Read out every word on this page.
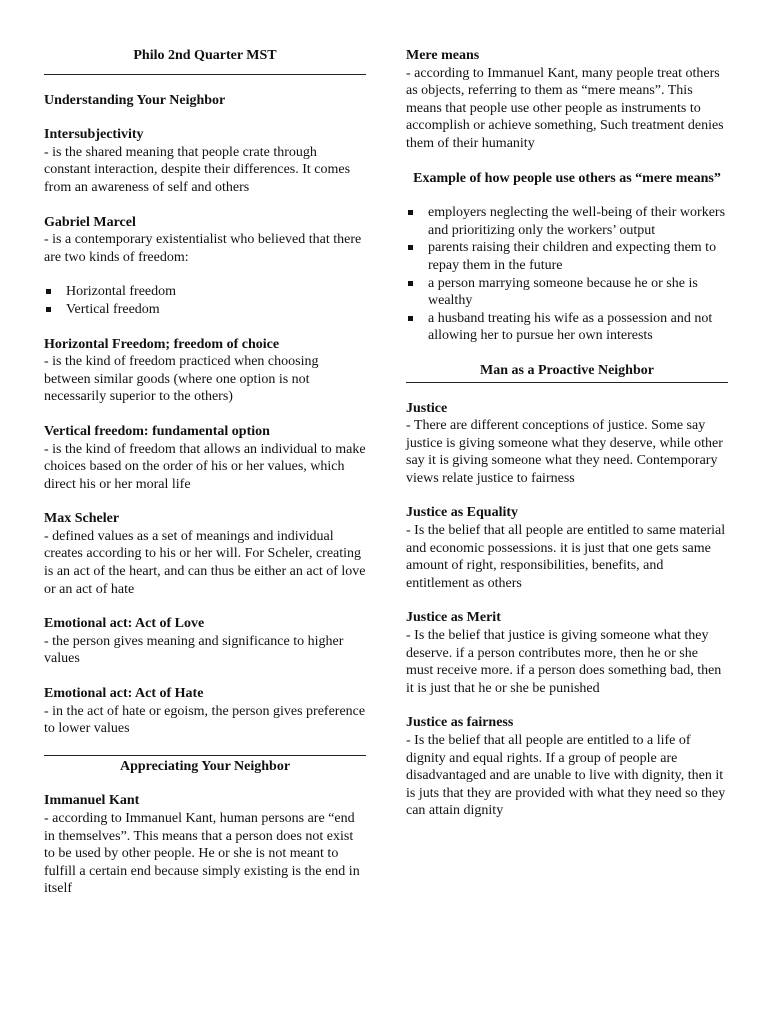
Philo 2nd Quarter MST
Understanding Your Neighbor
Intersubjectivity

- is the shared meaning that people crate through constant interaction, despite their differences. It comes from an awareness of self and others

Gabriel Marcel

- is a contemporary existentialist who believed that there are two kinds of freedom:

Horizontal freedom
Vertical freedom
Horizontal Freedom; freedom of choice

- is the kind of freedom practiced when choosing between similar goods (where one option is not necessarily superior to the others)

Vertical freedom: fundamental option

- is the kind of freedom that allows an individual to make choices based on the order of his or her values, which direct his or her moral life

Max Scheler

- defined values as a set of meanings and individual creates according to his or her will. For Scheler, creating is an act of the heart, and can thus be either an act of love or an act of hate

Emotional act: Act of Love

- the person gives meaning and significance to higher values

Emotional act: Act of Hate

- in the act of hate or egoism, the person gives preference to lower values

Appreciating Your Neighbor
Immanuel Kant

- according to Immanuel Kant, human persons are “end in themselves”. This means that a person does not exist to be used by other people. He or she is not meant to fulfill a certain end because simply existing is the end in itself

Mere means

- according to Immanuel Kant, many people treat others as objects, referring to them as “mere means”. This means that people use other people as instruments to accomplish or achieve something, Such treatment denies them of their humanity

Example of how people use others as “mere means”
employers neglecting the well-being of their workers and prioritizing only the workers’ output
parents raising their children and expecting them to repay them in the future
a person marrying someone because he or she is wealthy
a husband treating his wife as a possession and not allowing her to pursue her own interests
Man as a Proactive Neighbor
Justice

- There are different conceptions of justice. Some say justice is giving someone what they deserve, while other say it is giving someone what they need. Contemporary views relate justice to fairness

Justice as Equality

- Is the belief that all people are entitled to same material and economic possessions. it is just that one gets same amount of right, responsibilities, benefits, and entitlement as others

Justice as Merit

- Is the belief that justice is giving someone what they deserve. if a person contributes more, then he or she must receive more. if a person does something bad, then it is just that he or she be punished

Justice as fairness

- Is the belief that all people are entitled to a life of dignity and equal rights. If a group of people are disadvantaged and are unable to live with dignity, then it is juts that they are provided with what they need so they can attain dignity
